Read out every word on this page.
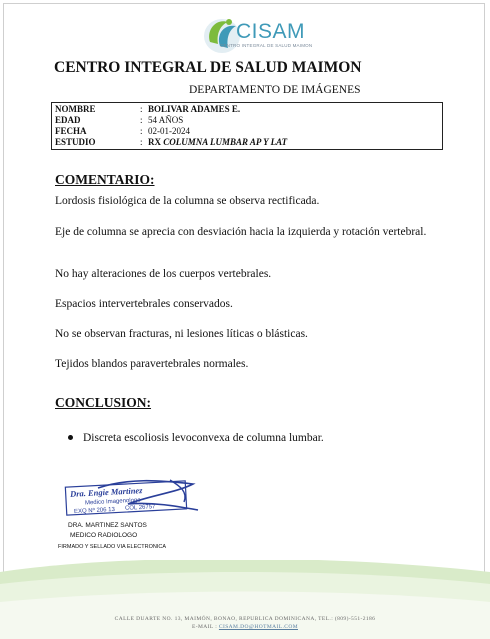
CISAM
CENTRO INTEGRAL DE SALUD MAIMON
CENTRO INTEGRAL DE SALUD MAIMON
DEPARTAMENTO DE IMÁGENES
NOMBRE	: BOLIVAR ADAMES E.
EDAD	: 54 AÑOS
FECHA	: 02-01-2024
ESTUDIO	: RX COLUMNA LUMBAR AP Y LAT
COMENTARIO:
Lordosis fisiológica de la columna se observa rectificada.
Eje de columna se aprecia con desviación hacia la izquierda y rotación vertebral.
No hay alteraciones de los cuerpos vertebrales.
Espacios intervertebrales conservados.
No se observan fracturas, ni lesiones líticas o blásticas.
Tejidos blandos paravertebrales normales.
CONCLUSION:
Discreta escoliosis levoconvexa de columna lumbar.
Dra. Engie Martinez
Medico Imagenologo
EXQ Nº 206 13 COL 26757
DRA. MARTINEZ SANTOS
MEDICO RADIOLOGO
FIRMADO Y SELLADO VIA ELECTRONICA
CALLE DUARTE NO. 13, MAIMÓN, BONAO, REPUBLICA DOMINICANA, TEL.: (809)-551-2186
E-MAIL : CISAM.DO@HOTMAIL.COM
